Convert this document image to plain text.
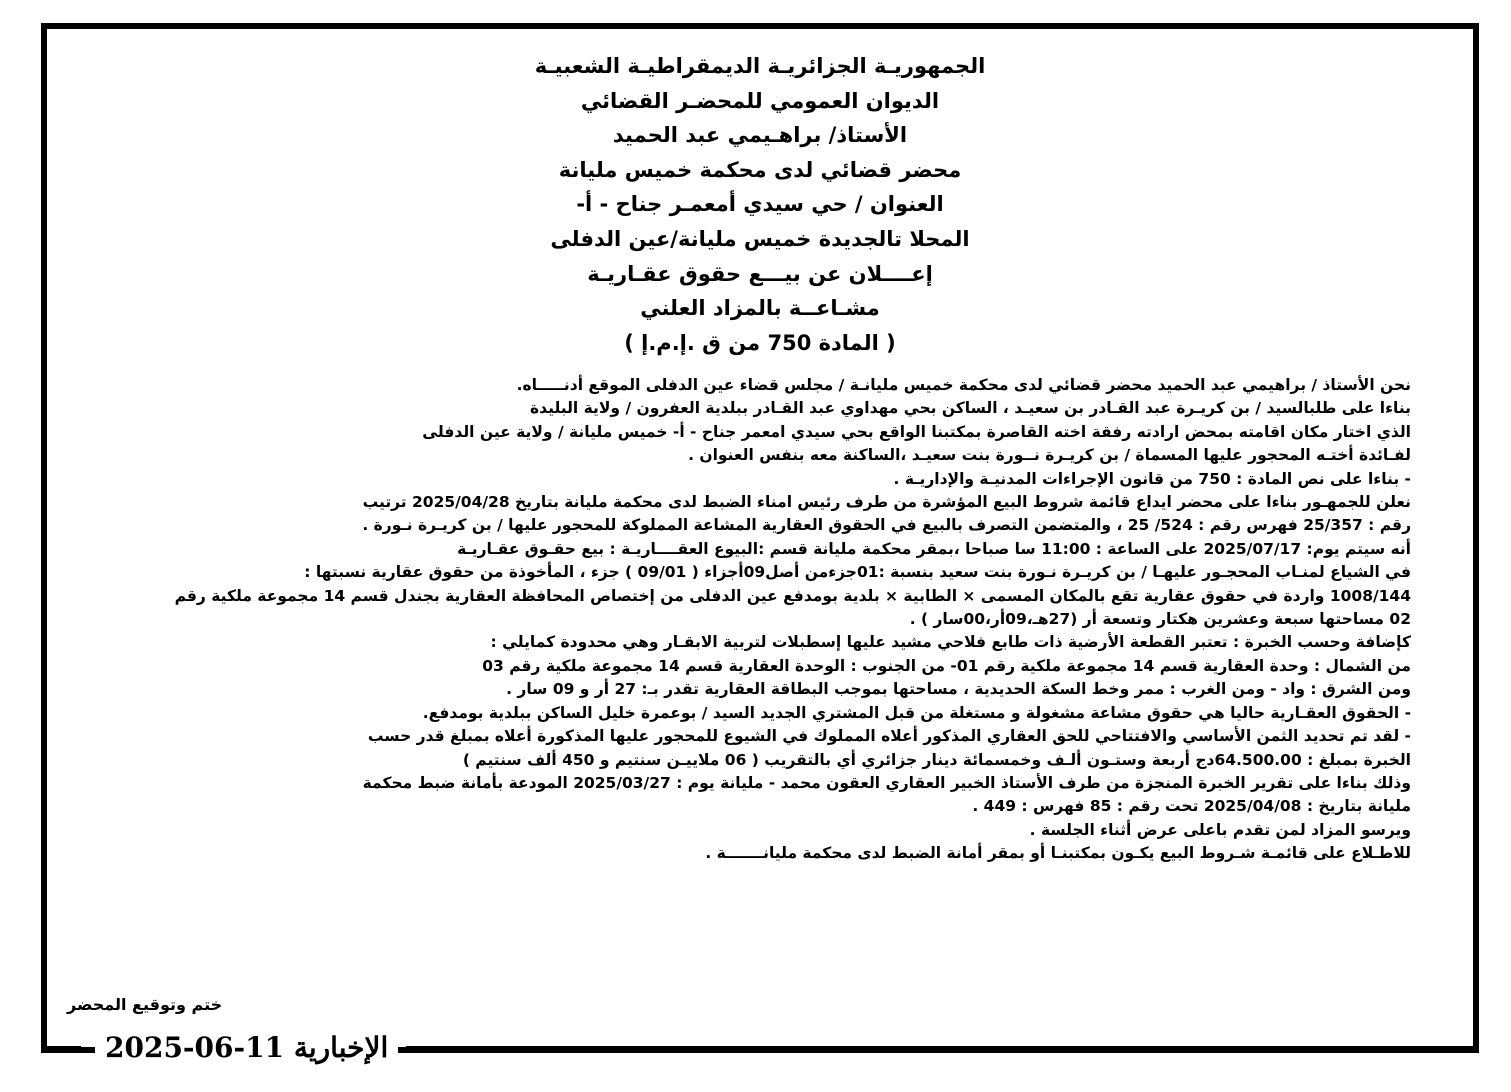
الجمهوريـة الجزائريـة الديمقراطيـة الشعبيـة
الديوان العمومي للمحضـر القضائي
الأستاذ/ براهـيمي عبد الحميد
محضر قضائي لدى محكمة خميس مليانة
العنوان / حي سيدي أمعمـر جناح - أ-
المحلا تالجديدة خميس مليانة/عين الدفلى
إعــــلان عن بيـــع حقوق عقـاريـة
مشـاعــة بالمزاد العلني
( المادة 750 من ق .إ.م.إ )
نحن الأستاذ / براهيمي عبد الحميد محضر قضائي لدى محكمة خميس مليانـة / مجلس قضاء عين الدفلى الموقع أدنـــــاه.
بناءا على طلبالسيد / بن كريـرة عبد القـادر بن سعيـد ، الساكن بحي مهداوي عبد القـادر ببلدية العفرون / ولاية البليدة
الذي اختار مكان اقامته بمحض ارادته رفقة اخته القاصرة بمكتبنا الواقع بحي سيدي امعمر جناح - أ- خميس مليانة / ولاية عين الدفلى
لفـائدة أختـه المحجور عليها المسماة / بن كريـرة نــورة بنت سعيـد ،الساكنة معه بنفس العنوان .
- بناءا على نص المادة : 750 من قانون الإجراءات المدنيـة والإداريـة .
نعلن للجمهـور بناءا على محضر ايداع قائمة شروط البيع المؤشرة من طرف رئيس امناء الضبط لدى محكمة مليانة بتاريخ 2025/04/28 ترتيب
رقم : 25/357 فهرس رقم : 524/ 25 ، والمتضمن التصرف بالبيع في الحقوق العقارية المشاعة المملوكة للمحجور عليها / بن كريـرة نـورة .
أنه سيتم يوم: 2025/07/17 على الساعة : 11:00 سا صباحا ،بمقر محكمة مليانة قسم :البيوع العقــــاريـة : بيع حقـوق عقـاريـة
في الشياع لمنـاب المحجـور عليهـا / بن كريـرة نـورة بنت سعيد بنسبة :01جزءمن أصل09أجزاء ( 09/01 ) جزء ، المأخوذة من حقوق عقارية نسبتها :
1008/144 واردة في حقوق عقارية تقع بالمكان المسمى × الطابية × بلدية بومدفع عين الدفلى من إختصاص المحافظة العقارية بجندل قسم 14 مجموعة ملكية رقم
02 مساحتها سبعة وعشرين هكتار وتسعة أر (27هـ،09أر،00سار ) .
كإضافة وحسب الخبرة : تعتبر القطعة الأرضية ذات طابع فلاحي مشيد عليها إسطبلات لتربية الابقـار وهي محدودة كمايلي :
من الشمال : وحدة العقارية قسم 14 مجموعة ملكية رقم 01- من الجنوب : الوحدة العقارية قسم 14 مجموعة ملكية رقم 03
ومن الشرق : واد - ومن الغرب : ممر وخط السكة الحديدية ، مساحتها بموجب البطاقة العقارية تقدر بـ: 27 أر و 09 سار .
- الحقوق العقـارية حاليا هي حقوق مشاعة مشغولة و مستغلة من قبل المشتري الجديد السيد / بوعمرة خليل الساكن ببلدية بومدفع.
- لقد تم تحديد الثمن الأساسي والافتتاحي للحق العقاري المذكور أعلاه المملوك في الشيوع للمحجور عليها المذكورة أعلاه بمبلغ قدر حسب
الخبرة بمبلغ : 64.500.00دج أربعة وستـون ألـف وخمسمائة دينار جزائري أي بالتقريب ( 06 ملاييـن سنتيم و 450 ألف سنتيم )
وذلك بناءا على تقرير الخبرة المنجزة من طرف الأستاذ الخبير العقاري العقون محمد - مليانة يوم : 2025/03/27 المودعة بأمانة ضبط محكمة
مليانة بتاريخ : 2025/04/08 تحت رقم : 85 فهرس : 449 .
ويرسو المزاد لمن تقدم باعلى عرض أثناء الجلسة .
للاطـلاع على قائمـة شـروط البيع يكـون بمكتبنـا أو بمقر أمانة الضبط لدى محكمة مليانـــــــة .
ختم وتوقيع المحضر
الإخبارية 2025-06-11
